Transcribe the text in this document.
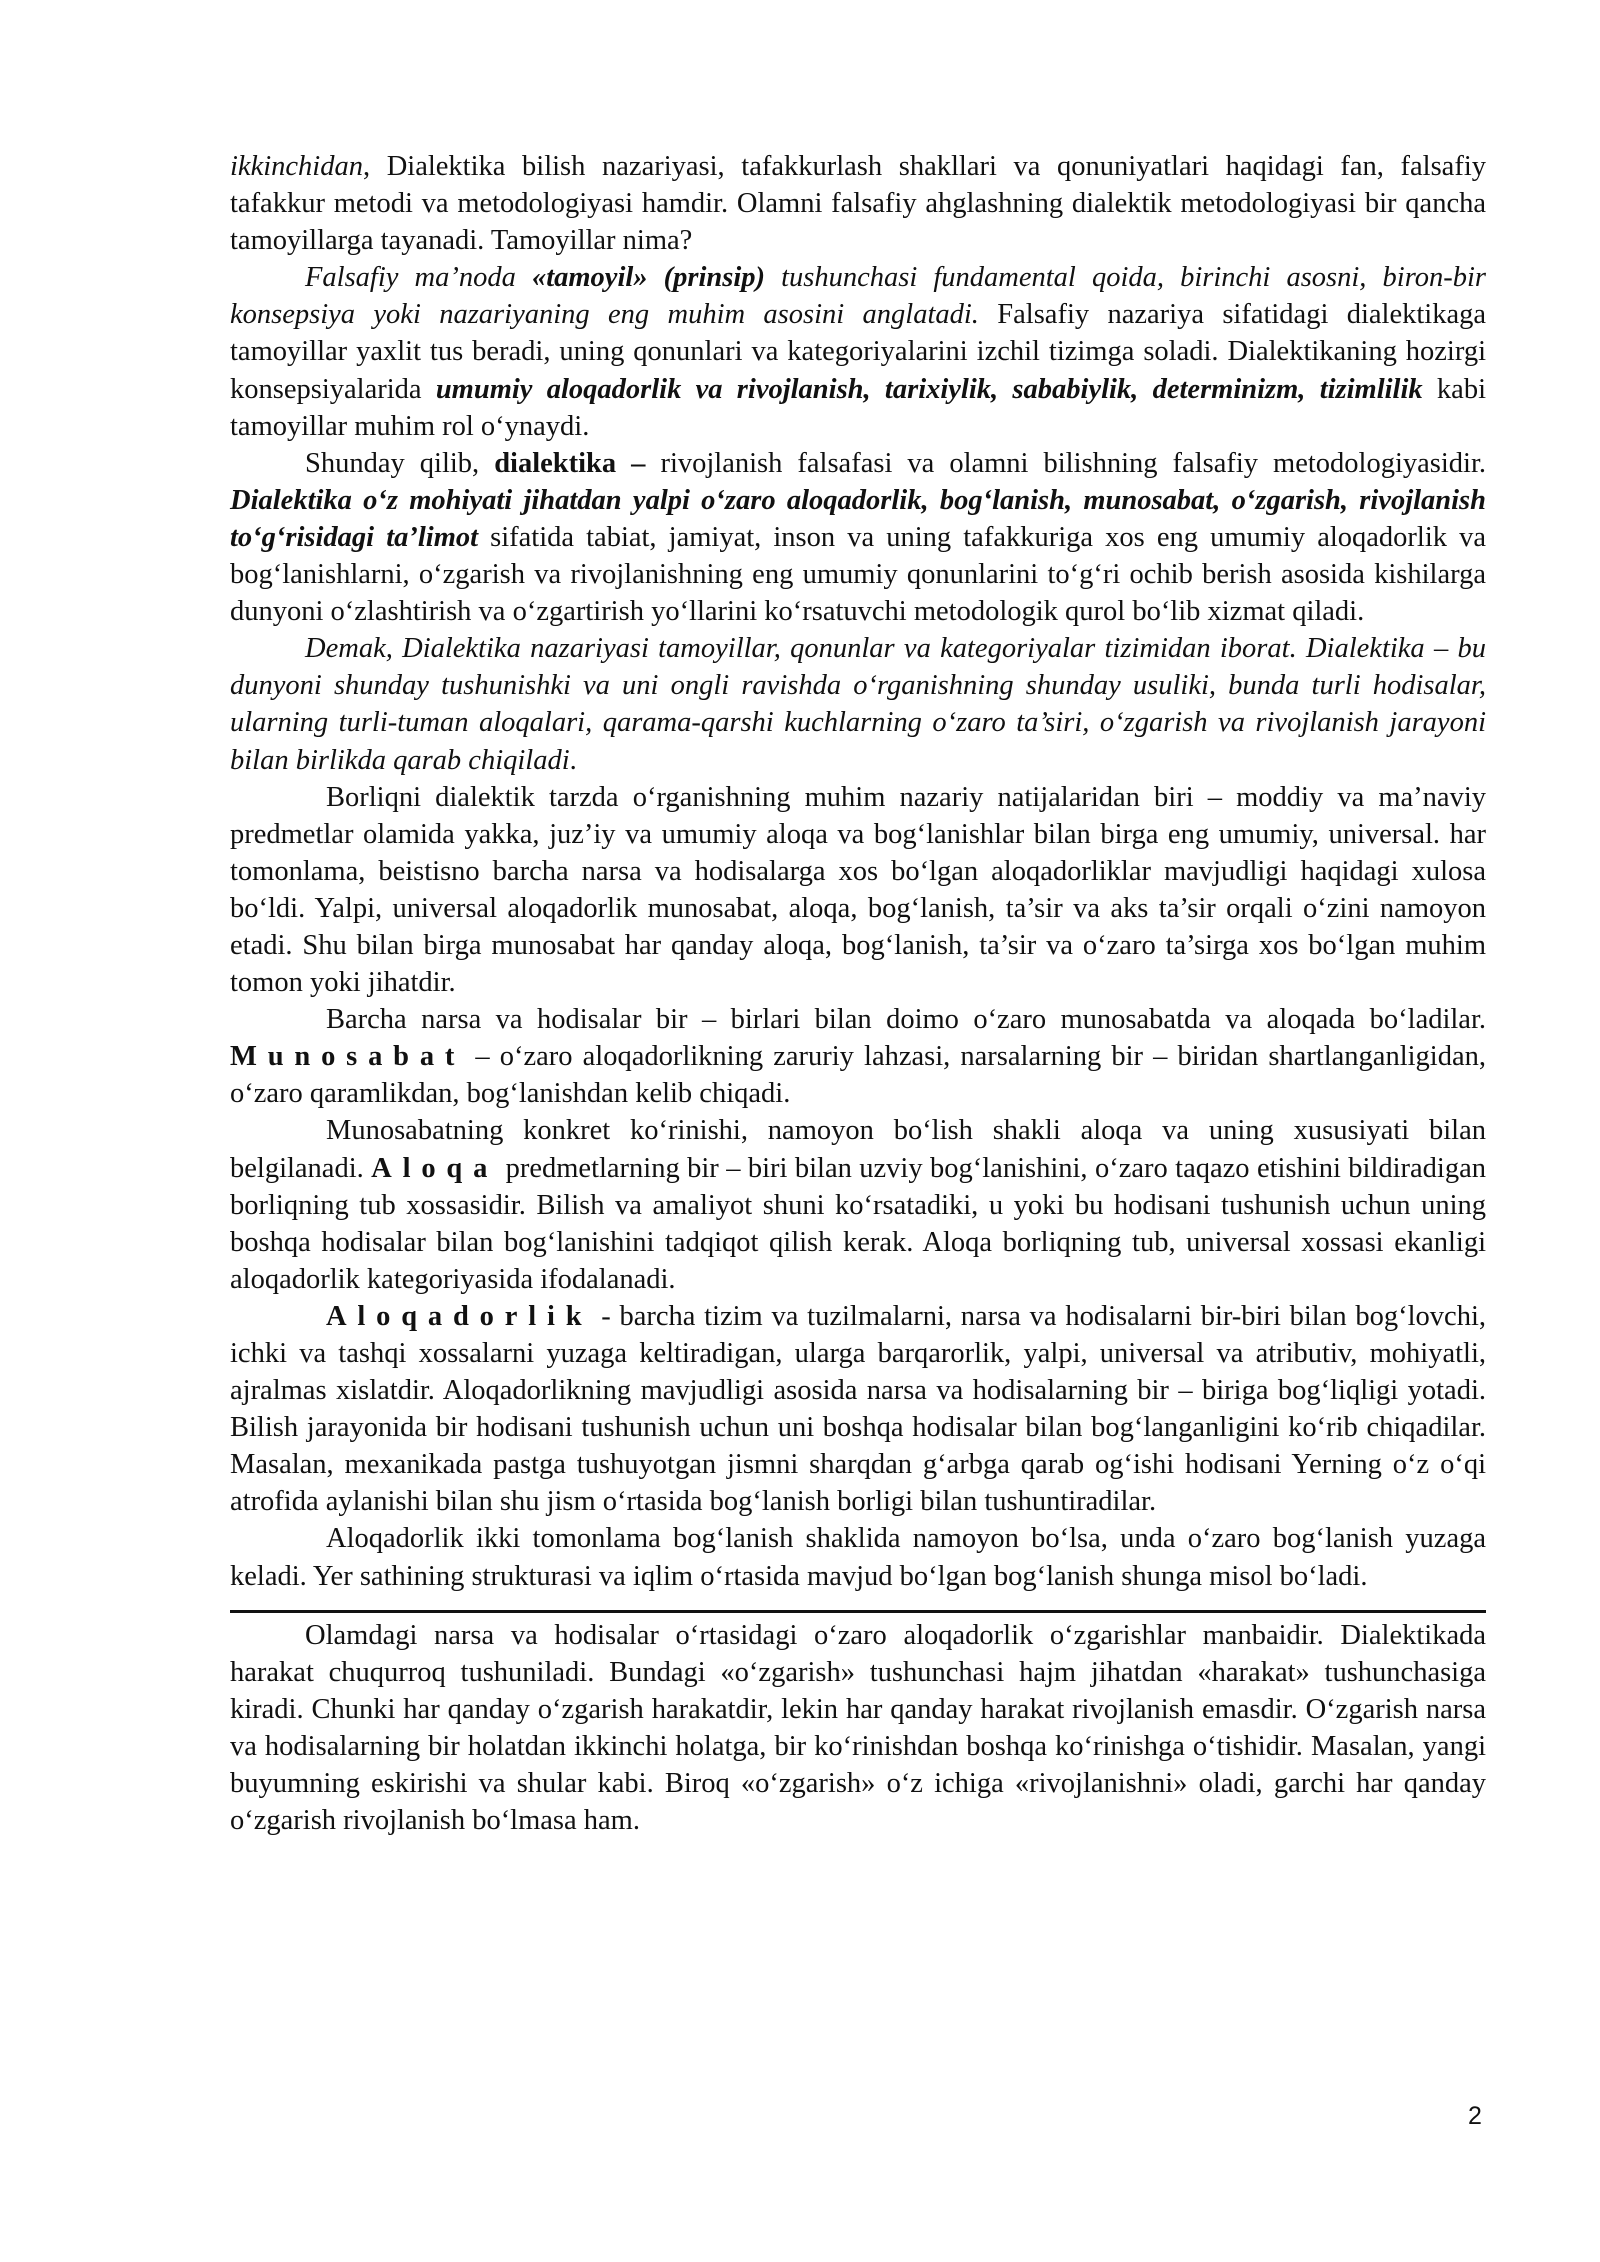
ikkinchidan, Dialektika bilish nazariyasi, tafakkurlash shakllari va qonuniyatlari haqidagi fan, falsafiy tafakkur metodi va metodologiyasi hamdir. Olamni falsafiy ahglashning dialektik metodologiyasi bir qancha tamoyillarga tayanadi. Tamoyillar nima?

Falsafiy ma’noda «tamoyil» (prinsip) tushunchasi fundamental qoida, birinchi asosni, biron-bir konsepsiya yoki nazariyaning eng muhim asosini anglatadi. Falsafiy nazariya sifatidagi dialektikaga tamoyillar yaxlit tus beradi, uning qonunlari va kategoriyalarini izchil tizimga soladi. Dialektikaning hozirgi konsepsiyalarida umumiy aloqadorlik va rivojlanish, tarixiylik, sababiylik, determinizm, tizimlilik kabi tamoyillar muhim rol o‘ynaydi.

Shunday qilib, dialektika – rivojlanish falsafasi va olamni bilishning falsafiy metodologiyasidir. Dialektika o‘z mohiyati jihatdan yalpi o‘zaro aloqadorlik, bog‘lanish, munosabat, o‘zgarish, rivojlanish to‘g‘risidagi ta’limot sifatida tabiat, jamiyat, inson va uning tafakkuriga xos eng umumiy aloqadorlik va bog‘lanishlarni, o‘zgarish va rivojlanishning eng umumiy qonunlarini to‘g‘ri ochib berish asosida kishilarga dunyoni o‘zlashtirish va o‘zgartirish yo‘llarini ko‘rsatuvchi metodologik qurol bo‘lib xizmat qiladi.

Demak, Dialektika nazariyasi tamoyillar, qonunlar va kategoriyalar tizimidan iborat. Dialektika – bu dunyoni shunday tushunishki va uni ongli ravishda o‘rganishning shunday usuliki, bunda turli hodisalar, ularning turli-tuman aloqalari, qarama-qarshi kuchlarning o‘zaro ta’siri, o‘zgarish va rivojlanish jarayoni bilan birlikda qarab chiqiladi.

Borliqni dialektik tarzda o‘rganishning muhim nazariy natijalaridan biri – moddiy va ma’naviy predmetlar olamida yakka, juz’iy va umumiy aloqa va bog‘lanishlar bilan birga eng umumiy, universal. har tomonlama, beistisno barcha narsa va hodisalarga xos bo‘lgan aloqadorliklar mavjudligi haqidagi xulosa bo‘ldi. Yalpi, universal aloqadorlik munosabat, aloqa, bog‘lanish, ta’sir va aks ta’sir orqali o‘zini namoyon etadi. Shu bilan birga munosabat har qanday aloqa, bog‘lanish, ta’sir va o‘zaro ta’sirga xos bo‘lgan muhim tomon yoki jihatdir.

Barcha narsa va hodisalar bir – birlari bilan doimo o‘zaro munosabatda va aloqada bo‘ladilar. Munosabat – o‘zaro aloqadorlikning zaruriy lahzasi, narsalarning bir – biridan shartlanganligidan, o‘zaro qaramlikdan, bog‘lanishdan kelib chiqadi.

Munosabatning konkret ko‘rinishi, namoyon bo‘lish shakli aloqa va uning xususiyati bilan belgilanadi. Aloqa predmetlarning bir – biri bilan uzviy bog‘lanishini, o‘zaro taqazo etishini bildiradigan borliqning tub xossasidir. Bilish va amaliyot shuni ko‘rsatadiki, u yoki bu hodisani tushunish uchun uning boshqa hodisalar bilan bog‘lanishini tadqiqot qilish kerak. Aloqa borliqning tub, universal xossasi ekanligi aloqadorlik kategoriyasida ifodalanadi.

Aloqadorlik - barcha tizim va tuzilmalarni, narsa va hodisalarni bir-biri bilan bog‘lovchi, ichki va tashqi xossalarni yuzaga keltiradigan, ularga barqarorlik, yalpi, universal va atributiv, mohiyatli, ajralmas xislatdir. Aloqadorlikning mavjudligi asosida narsa va hodisalarning bir – biriga bog‘liqligi yotadi. Bilish jarayonida bir hodisani tushunish uchun uni boshqa hodisalar bilan bog‘langanligini ko‘rib chiqadilar. Masalan, mexanikada pastga tushuyotgan jismni sharqdan g‘arbga qarab og‘ishi hodisani Yerning o‘z o‘qi atrofida aylanishi bilan shu jism o‘rtasida bog‘lanish borligi bilan tushuntiradilar.

Aloqadorlik ikki tomonlama bog‘lanish shaklida namoyon bo‘lsa, unda o‘zaro bog‘lanish yuzaga keladi. Yer sathining strukturasi va iqlim o‘rtasida mavjud bo‘lgan bog‘lanish shunga misol bo‘ladi.

Olamdagi narsa va hodisalar o‘rtasidagi o‘zaro aloqadorlik o‘zgarishlar manbaidir. Dialektikada harakat chuqurroq tushuniladi. Bundagi «o‘zgarish» tushunchasi hajm jihatdan «harakat» tushunchasiga kiradi. Chunki har qanday o‘zgarish harakatdir, lekin har qanday harakat rivojlanish emasdir. O‘zgarish narsa va hodisalarning bir holatdan ikkinchi holatga, bir ko‘rinishdan boshqa ko‘rinishga o‘tishidir. Masalan, yangi buyumning eskirishi va shular kabi. Biroq «o‘zgarish» o‘z ichiga «rivojlanishni» oladi, garchi har qanday o‘zgarish rivojlanish bo‘lmasa ham.

2
